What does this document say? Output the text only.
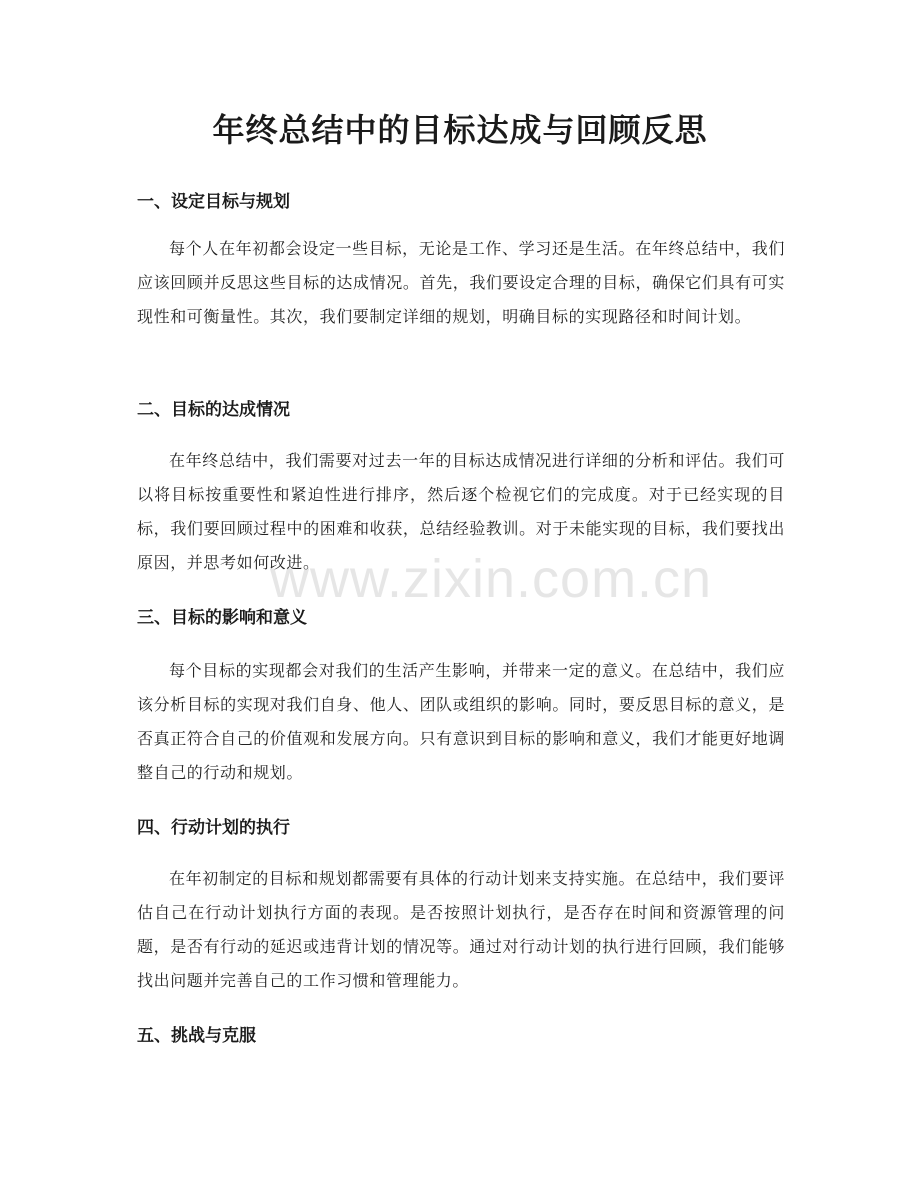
年终总结中的目标达成与回顾反思
一、设定目标与规划

每个人在年初都会设定一些目标，无论是工作、学习还是生活。在年终总结中，我们应该回顾并反思这些目标的达成情况。首先，我们要设定合理的目标，确保它们具有可实现性和可衡量性。其次，我们要制定详细的规划，明确目标的实现路径和时间计划。

二、目标的达成情况

在年终总结中，我们需要对过去一年的目标达成情况进行详细的分析和评估。我们可以将目标按重要性和紧迫性进行排序，然后逐个检视它们的完成度。对于已经实现的目标，我们要回顾过程中的困难和收获，总结经验教训。对于未能实现的目标，我们要找出原因，并思考如何改进。

三、目标的影响和意义

每个目标的实现都会对我们的生活产生影响，并带来一定的意义。在总结中，我们应该分析目标的实现对我们自身、他人、团队或组织的影响。同时，要反思目标的意义，是否真正符合自己的价值观和发展方向。只有意识到目标的影响和意义，我们才能更好地调整自己的行动和规划。

四、行动计划的执行

在年初制定的目标和规划都需要有具体的行动计划来支持实施。在总结中，我们要评估自己在行动计划执行方面的表现。是否按照计划执行，是否存在时间和资源管理的问题，是否有行动的延迟或违背计划的情况等。通过对行动计划的执行进行回顾，我们能够找出问题并完善自己的工作习惯和管理能力。

五、挑战与克服
www.zixin.com.cn
